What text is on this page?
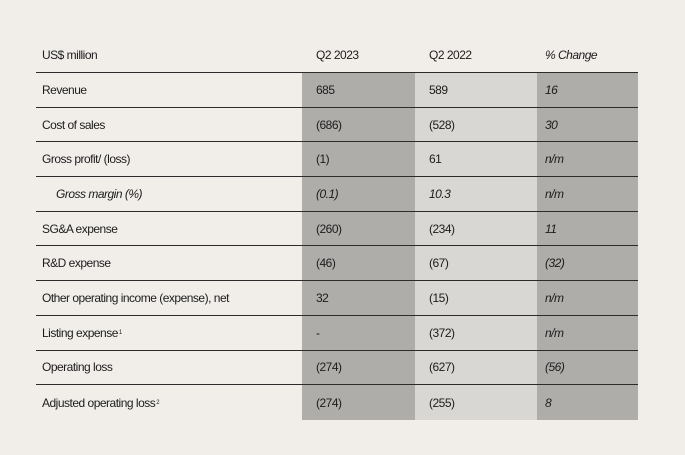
US$ million	Q2 2023	Q2 2022	% Change
Revenue	685	589	16
Cost of sales	(686)	(528)	30
Gross profit/ (loss)	(1)	61	n/m
Gross margin (%)	(0.1)	10.3	n/m
SG&A expense	(260)	(234)	11
R&D expense	(46)	(67)	(32)
Other operating income (expense), net	32	(15)	n/m
Listing expense 1	-	(372)	n/m
Operating loss	(274)	(627)	(56)
Adjusted operating loss 2	(274)	(255)	8
